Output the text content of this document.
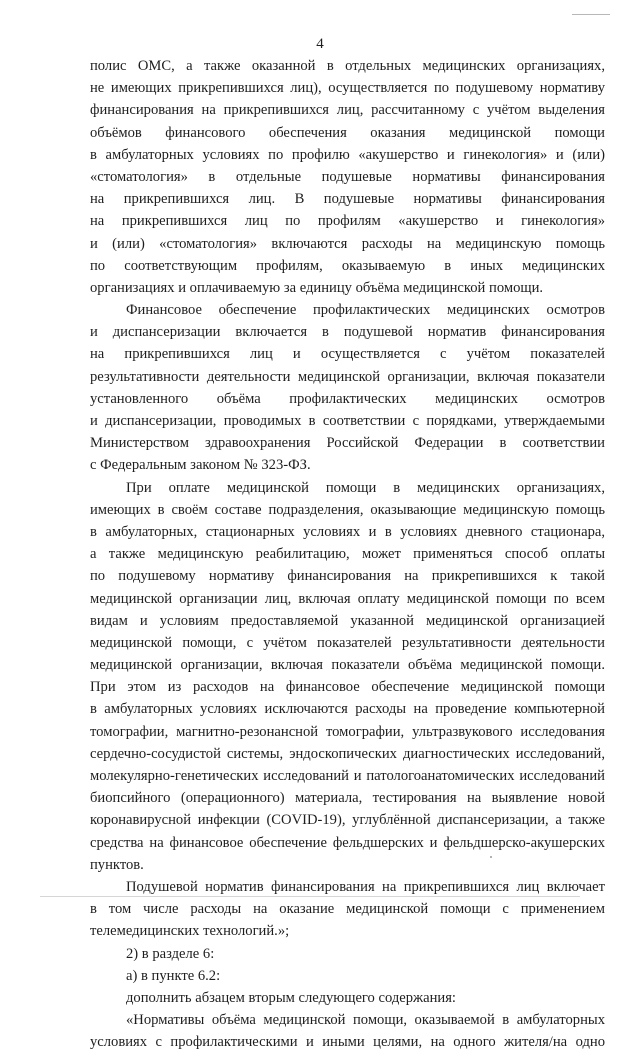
4
полис ОМС, а также оказанной в отдельных медицинских организациях,
не имеющих прикрепившихся лиц), осуществляется по подушевому нормативу
финансирования на прикрепившихся лиц, рассчитанному с учётом выделения
объёмов финансового обеспечения оказания медицинской помощи
в амбулаторных условиях по профилю «акушерство и гинекология» и (или)
«стоматология» в отдельные подушевые нормативы финансирования
на прикрепившихся лиц. В подушевые нормативы финансирования
на прикрепившихся лиц по профилям «акушерство и гинекология»
и (или) «стоматология» включаются расходы на медицинскую помощь
по соответствующим профилям, оказываемую в иных медицинских
организациях и оплачиваемую за единицу объёма медицинской помощи.
Финансовое обеспечение профилактических медицинских осмотров
и диспансеризации включается в подушевой норматив финансирования
на прикрепившихся лиц и осуществляется с учётом показателей
результативности деятельности медицинской организации, включая показатели
установленного объёма профилактических медицинских осмотров
и диспансеризации, проводимых в соответствии с порядками, утверждаемыми
Министерством здравоохранения Российской Федерации в соответствии
с Федеральным законом № 323-ФЗ.
При оплате медицинской помощи в медицинских организациях,
имеющих в своём составе подразделения, оказывающие медицинскую помощь
в амбулаторных, стационарных условиях и в условиях дневного стационара,
а также медицинскую реабилитацию, может применяться способ оплаты
по подушевому нормативу финансирования на прикрепившихся к такой
медицинской организации лиц, включая оплату медицинской помощи по всем
видам и условиям предоставляемой указанной медицинской организацией
медицинской помощи, с учётом показателей результативности деятельности
медицинской организации, включая показатели объёма медицинской помощи.
При этом из расходов на финансовое обеспечение медицинской помощи
в амбулаторных условиях исключаются расходы на проведение компьютерной
томографии, магнитно-резонансной томографии, ультразвукового исследования
сердечно-сосудистой системы, эндоскопических диагностических исследований,
молекулярно-генетических исследований и патологоанатомических исследований
биопсийного (операционного) материала, тестирования на выявление новой
коронавирусной инфекции (COVID-19), углублённой диспансеризации, а также
средства на финансовое обеспечение фельдшерских и фельдшерско-акушерских
пунктов.
Подушевой норматив финансирования на прикрепившихся лиц включает
в том числе расходы на оказание медицинской помощи с применением
телемедицинских технологий.»;
2) в разделе 6:
а) в пункте 6.2:
дополнить абзацем вторым следующего содержания:
«Нормативы объёма медицинской помощи, оказываемой в амбулаторных
условиях с профилактическими и иными целями, на одного жителя/на одно
